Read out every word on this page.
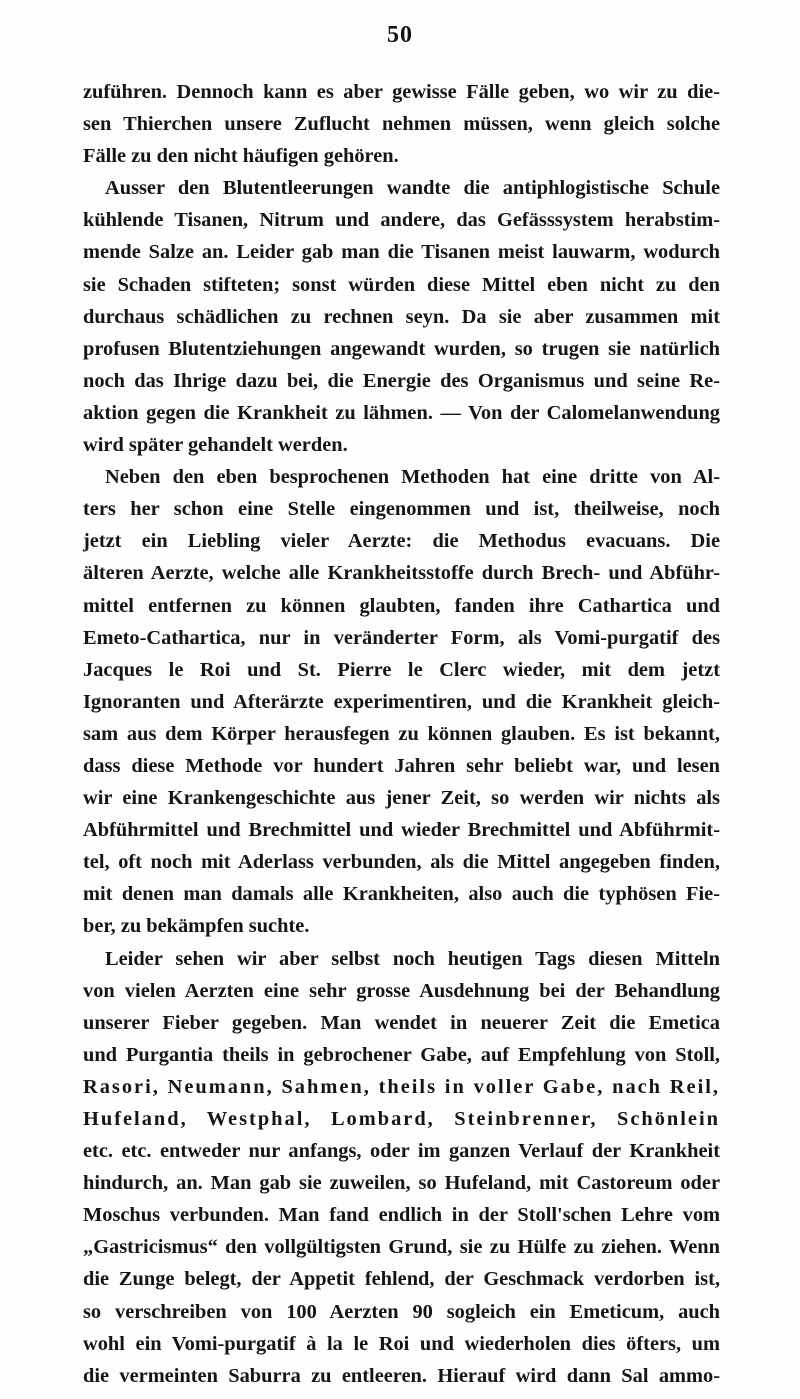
50
zuführen. Dennoch kann es aber gewisse Fälle geben, wo wir zu die-
sen Thierchen unsere Zuflucht nehmen müssen, wenn gleich solche
Fälle zu den nicht häufigen gehören.
Ausser den Blutentleerungen wandte die antiphlogistische Schule
kühlende Tisanen, Nitrum und andere, das Gefässsystem herabstim-
mende Salze an. Leider gab man die Tisanen meist lauwarm, wodurch
sie Schaden stifteten; sonst würden diese Mittel eben nicht zu den
durchaus schädlichen zu rechnen seyn. Da sie aber zusammen mit
profusen Blutentziehungen angewandt wurden, so trugen sie natürlich
noch das Ihrige dazu bei, die Energie des Organismus und seine Re-
aktion gegen die Krankheit zu lähmen. — Von der Calomelanwendung
wird später gehandelt werden.
Neben den eben besprochenen Methoden hat eine dritte von Al-
ters her schon eine Stelle eingenommen und ist, theilweise, noch
jetzt ein Liebling vieler Aerzte: die Methodus evacuans. Die
älteren Aerzte, welche alle Krankheitsstoffe durch Brech- und Abführ-
mittel entfernen zu können glaubten, fanden ihre Cathartica und
Emeto-Cathartica, nur in veränderter Form, als Vomi-purgatif des
Jacques le Roi und St. Pierre le Clerc wieder, mit dem jetzt
Ignoranten und Afterärzte experimentiren, und die Krankheit gleich-
sam aus dem Körper herausfegen zu können glauben. Es ist bekannt,
dass diese Methode vor hundert Jahren sehr beliebt war, und lesen
wir eine Krankengeschichte aus jener Zeit, so werden wir nichts als
Abführmittel und Brechmittel und wieder Brechmittel und Abführmit-
tel, oft noch mit Aderlass verbunden, als die Mittel angegeben finden,
mit denen man damals alle Krankheiten, also auch die typhösen Fie-
ber, zu bekämpfen suchte.
Leider sehen wir aber selbst noch heutigen Tags diesen Mitteln
von vielen Aerzten eine sehr grosse Ausdehnung bei der Behandlung
unserer Fieber gegeben. Man wendet in neuerer Zeit die Emetica
und Purgantia theils in gebrochener Gabe, auf Empfehlung von Stoll,
Rasori, Neumann, Sahmen, theils in voller Gabe, nach Reil,
Hufeland, Westphal, Lombard, Steinbrenner, Schönlein
etc. etc. entweder nur anfangs, oder im ganzen Verlauf der Krankheit
hindurch, an. Man gab sie zuweilen, so Hufeland, mit Castoreum oder
Moschus verbunden. Man fand endlich in der Stoll'schen Lehre vom
„Gastricismus“ den vollgültigsten Grund, sie zu Hülfe zu ziehen. Wenn
die Zunge belegt, der Appetit fehlend, der Geschmack verdorben ist,
so verschreiben von 100 Aerzten 90 sogleich ein Emeticum, auch
wohl ein Vomi-purgatif à la le Roi und wiederholen dies öfters, um
die vermeinten Saburra zu entleeren. Hierauf wird dann Sal ammo-
